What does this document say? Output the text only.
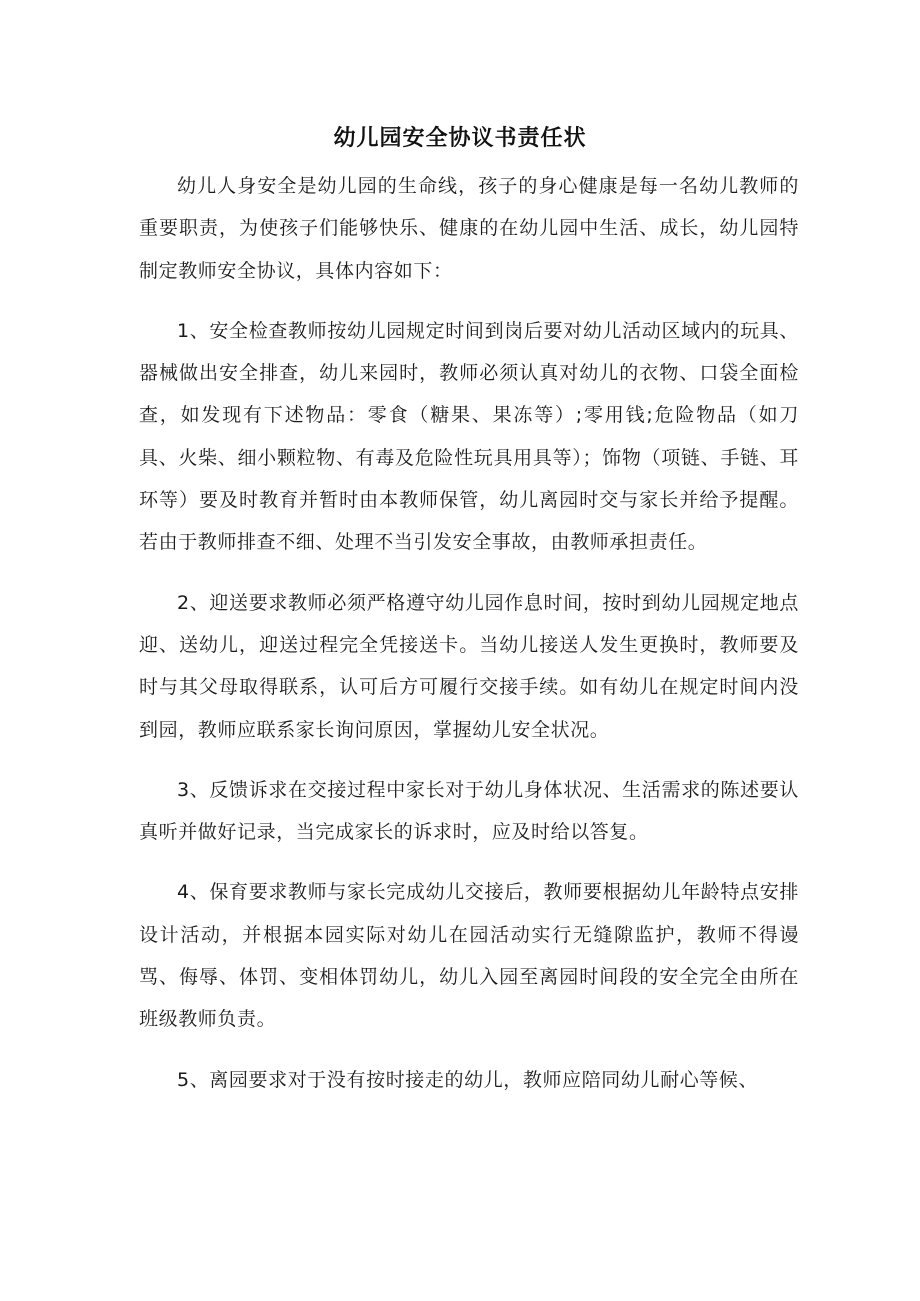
幼儿园安全协议书责任状

幼儿人身安全是幼儿园的生命线，孩子的身心健康是每一名幼儿教师的重要职责，为使孩子们能够快乐、健康的在幼儿园中生活、成长，幼儿园特制定教师安全协议，具体内容如下：

1、安全检查教师按幼儿园规定时间到岗后要对幼儿活动区域内的玩具、器械做出安全排查，幼儿来园时，教师必须认真对幼儿的衣物、口袋全面检查，如发现有下述物品：零食（糖果、果冻等）;零用钱;危险物品（如刀具、火柴、细小颗粒物、有毒及危险性玩具用具等）；饰物（项链、手链、耳环等）要及时教育并暂时由本教师保管，幼儿离园时交与家长并给予提醒。若由于教师排查不细、处理不当引发安全事故，由教师承担责任。

2、迎送要求教师必须严格遵守幼儿园作息时间，按时到幼儿园规定地点迎、送幼儿，迎送过程完全凭接送卡。当幼儿接送人发生更换时，教师要及时与其父母取得联系，认可后方可履行交接手续。如有幼儿在规定时间内没到园，教师应联系家长询问原因，掌握幼儿安全状况。

3、反馈诉求在交接过程中家长对于幼儿身体状况、生活需求的陈述要认真听并做好记录，当完成家长的诉求时，应及时给以答复。

4、保育要求教师与家长完成幼儿交接后，教师要根据幼儿年龄特点安排设计活动，并根据本园实际对幼儿在园活动实行无缝隙监护，教师不得谩骂、侮辱、体罚、变相体罚幼儿，幼儿入园至离园时间段的安全完全由所在班级教师负责。

5、离园要求对于没有按时接走的幼儿，教师应陪同幼儿耐心等候、
